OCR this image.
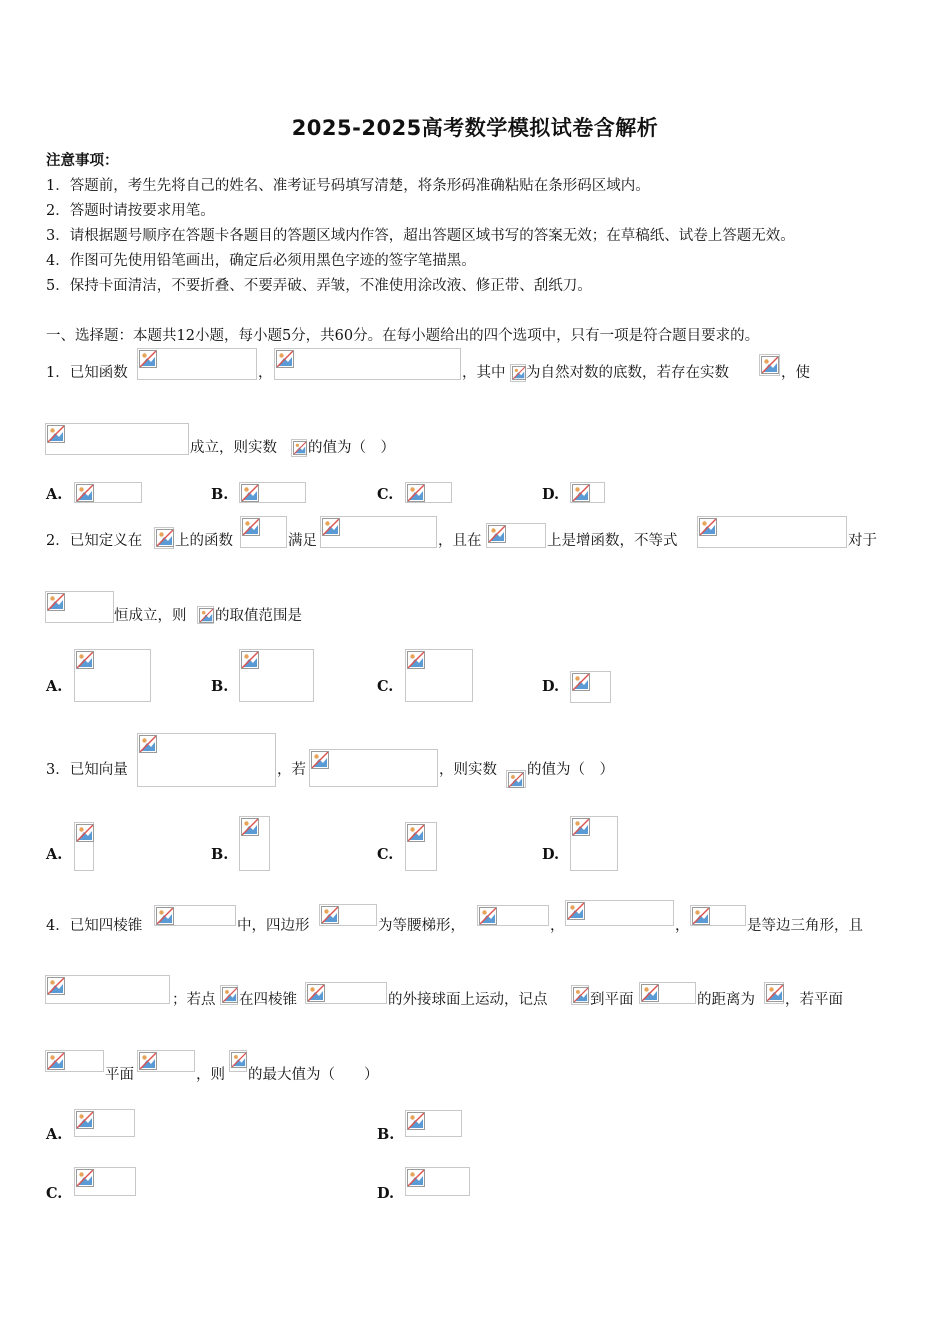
2025-2025高考数学模拟试卷含解析
注意事项：
1．答题前，考生先将自己的姓名、准考证号码填写清楚，将条形码准确粘贴在条形码区域内。
2．答题时请按要求用笔。
3．请根据题号顺序在答题卡各题目的答题区域内作答，超出答题区域书写的答案无效；在草稿纸、试卷上答题无效。
4．作图可先使用铅笔画出，确定后必须用黑色字迹的签字笔描黑。
5．保持卡面清洁，不要折叠、不要弄破、弄皱，不准使用涂改液、修正带、刮纸刀。
一、选择题：本题共12小题，每小题5分，共60分。在每小题给出的四个选项中，只有一项是符合题目要求的。
1．已知函数	，	，其中 为自然对数的底数，若存在实数	，使
成立，则实数 的值为（　）
A.	B.	C.	D.
2．已知定义在 上的函数	满足	，且在	上是增函数，不等式	对于
恒成立，则 的取值范围是
A.	B.	C.	D.
3．已知向量	，若	，则实数 的值为（　）
A.	B.	C.	D.
4．已知四棱锥	中，四边形	为等腰梯形，	，	，	是等边三角形，且
；若点 在四棱锥	的外接球面上运动，记点	到平面	的距离为 ，若平面
平面	，则 的最大值为（　　）
A.	B.
C.	D.
